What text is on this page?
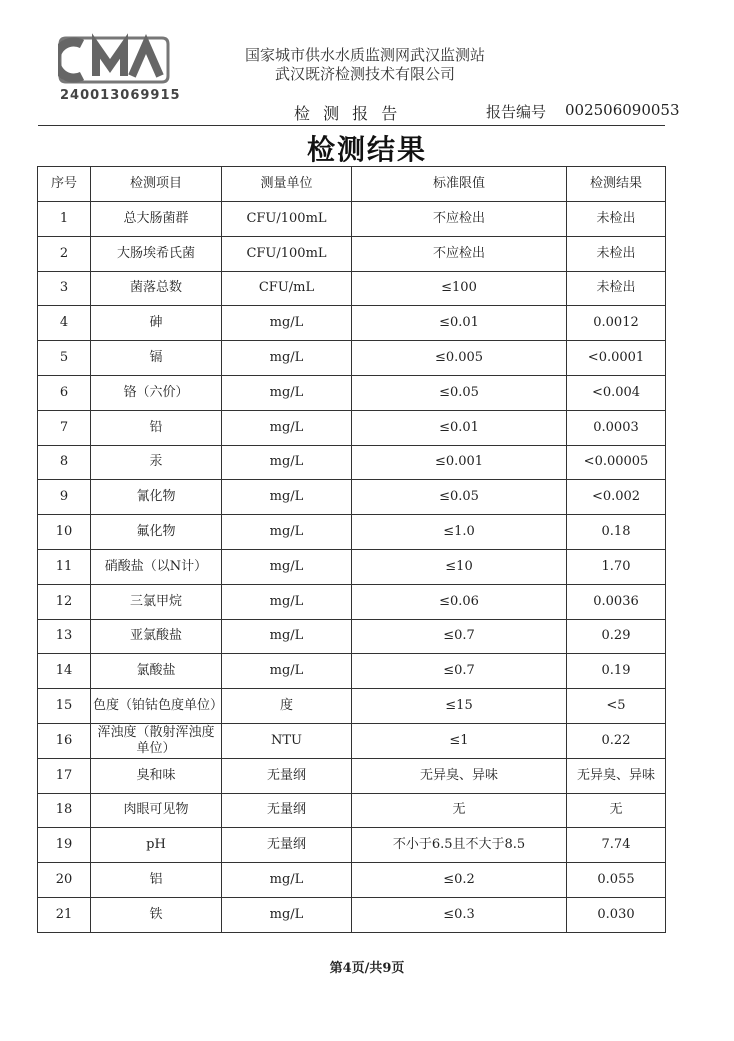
240013069915
国家城市供水水质监测网武汉监测站
武汉既济检测技术有限公司
检 测 报 告	报告编号 002506090053
检测结果
序号	检测项目	测量单位	标准限值	检测结果
1	总大肠菌群	CFU/100mL	不应检出	未检出
2	大肠埃希氏菌	CFU/100mL	不应检出	未检出
3	菌落总数	CFU/mL	≤100	未检出
4	砷	mg/L	≤0.01	0.0012
5	镉	mg/L	≤0.005	<0.0001
6	铬（六价）	mg/L	≤0.05	<0.004
7	铅	mg/L	≤0.01	0.0003
8	汞	mg/L	≤0.001	<0.00005
9	氰化物	mg/L	≤0.05	<0.002
10	氟化物	mg/L	≤1.0	0.18
11	硝酸盐（以N计）	mg/L	≤10	1.70
12	三氯甲烷	mg/L	≤0.06	0.0036
13	亚氯酸盐	mg/L	≤0.7	0.29
14	氯酸盐	mg/L	≤0.7	0.19
15	色度（铂钴色度单位）	度	≤15	<5
16	浑浊度（散射浑浊度单位）	NTU	≤1	0.22
17	臭和味	无量纲	无异臭、异味	无异臭、异味
18	肉眼可见物	无量纲	无	无
19	pH	无量纲	不小于6.5且不大于8.5	7.74
20	铝	mg/L	≤0.2	0.055
21	铁	mg/L	≤0.3	0.030
第4页/共9页
